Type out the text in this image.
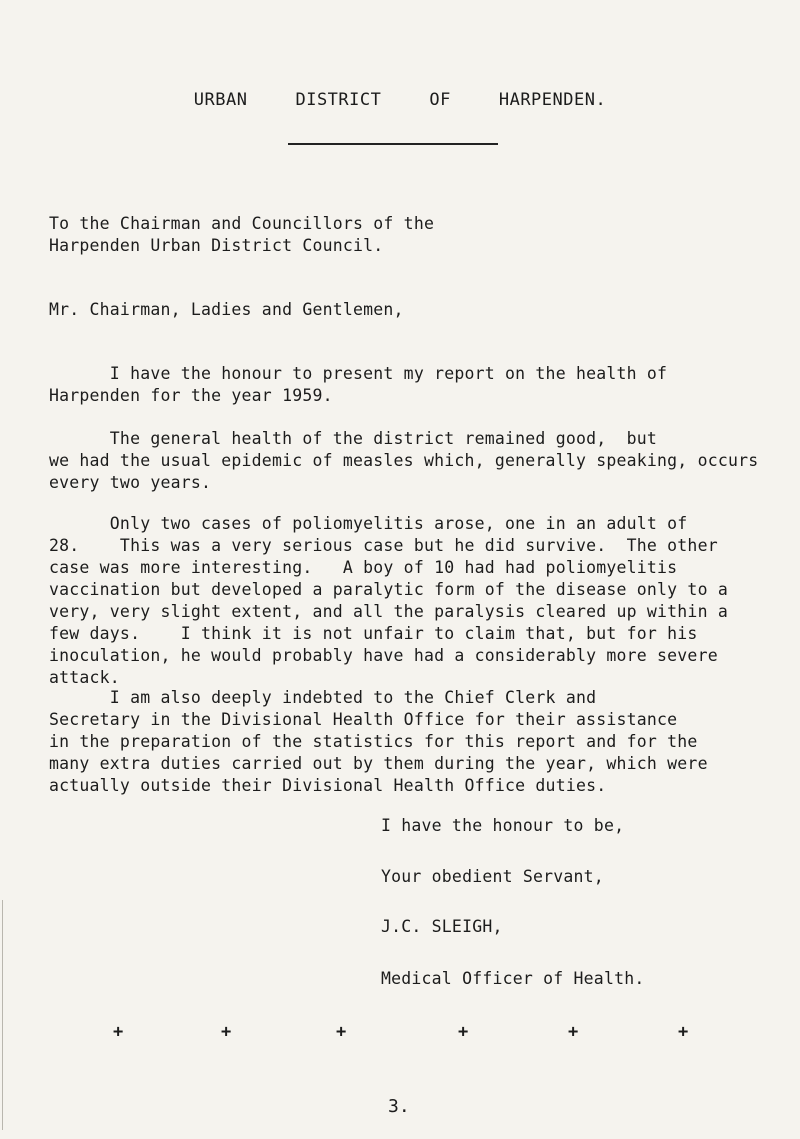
URBAN	DISTRICT	OF	HARPENDEN.
To the Chairman and Councillors of the
Harpenden Urban District Council.
Mr. Chairman, Ladies and Gentlemen,
I have the honour to present my report on the health of
Harpenden for the year 1959.
The general health of the district remained good,  but
we had the usual epidemic of measles which, generally speaking, occurs
every two years.
Only two cases of poliomyelitis arose, one in an adult of
28.    This was a very serious case but he did survive.  The other
case was more interesting.   A boy of 10 had had poliomyelitis
vaccination but developed a paralytic form of the disease only to a
very, very slight extent, and all the paralysis cleared up within a
few days.    I think it is not unfair to claim that, but for his
inoculation, he would probably have had a considerably more severe
attack.
I am also deeply indebted to the Chief Clerk and
Secretary in the Divisional Health Office for their assistance
in the preparation of the statistics for this report and for the
many extra duties carried out by them during the year, which were
actually outside their Divisional Health Office duties.
I have the honour to be,
Your obedient Servant,
J.C. SLEIGH,
Medical Officer of Health.
+	+	+	+	+	+
3.
